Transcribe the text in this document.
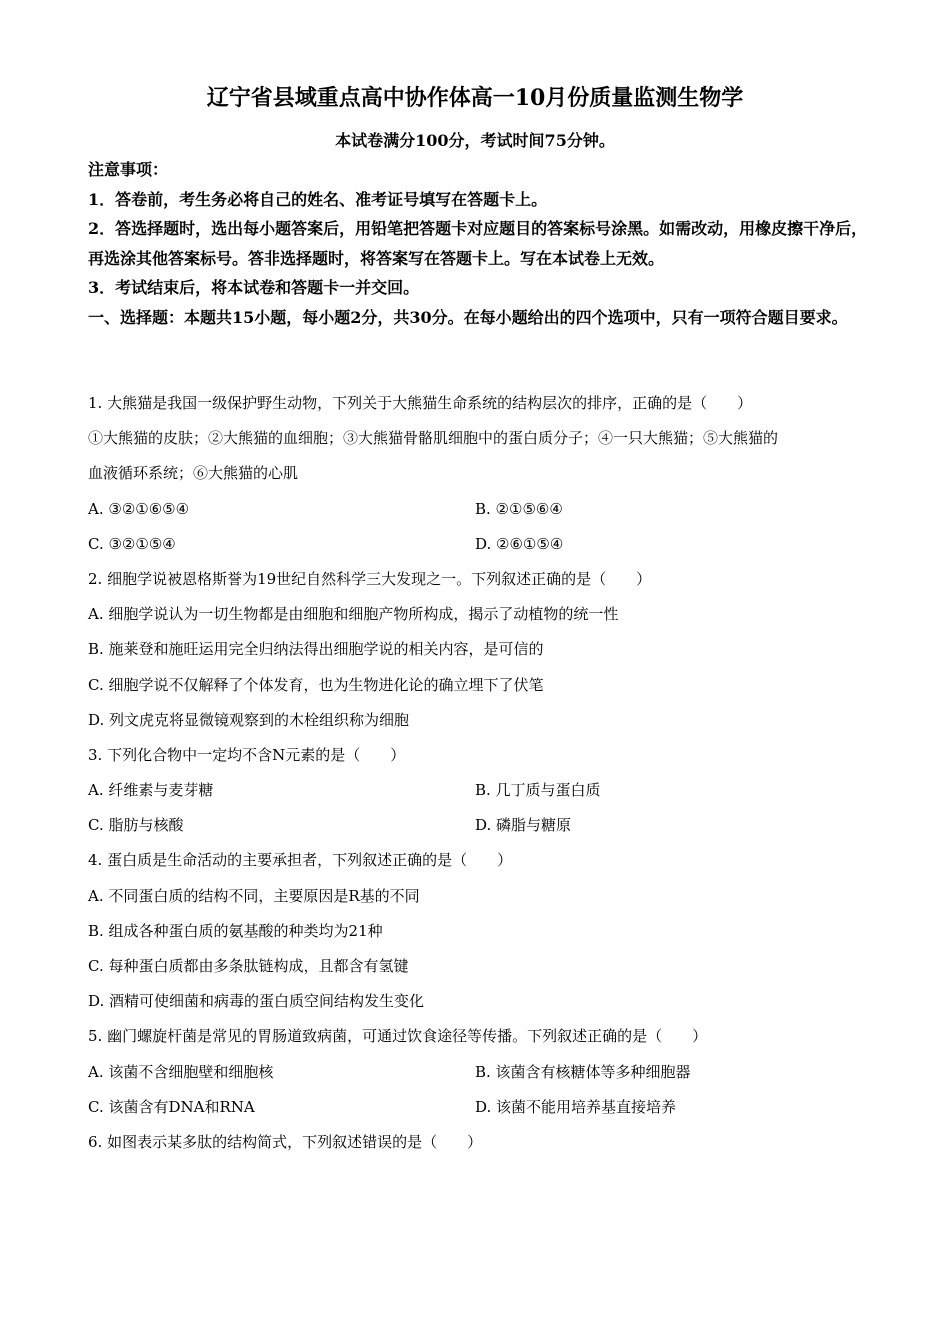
辽宁省县域重点高中协作体高一10月份质量监测生物学
本试卷满分100分，考试时间75分钟。
注意事项：
1．答卷前，考生务必将自己的姓名、准考证号填写在答题卡上。
2．答选择题时，选出每小题答案后，用铅笔把答题卡对应题目的答案标号涂黑。如需改动，用橡皮擦干净后，再选涂其他答案标号。答非选择题时，将答案写在答题卡上。写在本试卷上无效。
3．考试结束后，将本试卷和答题卡一并交回。
一、选择题：本题共15小题，每小题2分，共30分。在每小题给出的四个选项中，只有一项符合题目要求。
1. 大熊猫是我国一级保护野生动物，下列关于大熊猫生命系统的结构层次的排序，正确的是（　　）
①大熊猫的皮肤；②大熊猫的血细胞；③大熊猫骨骼肌细胞中的蛋白质分子；④一只大熊猫；⑤大熊猫的
血液循环系统；⑥大熊猫的心肌
A. ③②①⑥⑤④	B. ②①⑤⑥④
C. ③②①⑤④	D. ②⑥①⑤④
2. 细胞学说被恩格斯誉为19世纪自然科学三大发现之一。下列叙述正确的是（　　）
A. 细胞学说认为一切生物都是由细胞和细胞产物所构成，揭示了动植物的统一性
B. 施莱登和施旺运用完全归纳法得出细胞学说的相关内容，是可信的
C. 细胞学说不仅解释了个体发育，也为生物进化论的确立埋下了伏笔
D. 列文虎克将显微镜观察到的木栓组织称为细胞
3. 下列化合物中一定均不含N元素的是（　　）
A. 纤维素与麦芽糖	B. 几丁质与蛋白质
C. 脂肪与核酸	D. 磷脂与糖原
4. 蛋白质是生命活动的主要承担者，下列叙述正确的是（　　）
A. 不同蛋白质的结构不同，主要原因是R基的不同
B. 组成各种蛋白质的氨基酸的种类均为21种
C. 每种蛋白质都由多条肽链构成，且都含有氢键
D. 酒精可使细菌和病毒的蛋白质空间结构发生变化
5. 幽门螺旋杆菌是常见的胃肠道致病菌，可通过饮食途径等传播。下列叙述正确的是（　　）
A. 该菌不含细胞壁和细胞核	B. 该菌含有核糖体等多种细胞器
C. 该菌含有DNA和RNA	D. 该菌不能用培养基直接培养
6. 如图表示某多肽的结构简式，下列叙述错误的是（　　）
